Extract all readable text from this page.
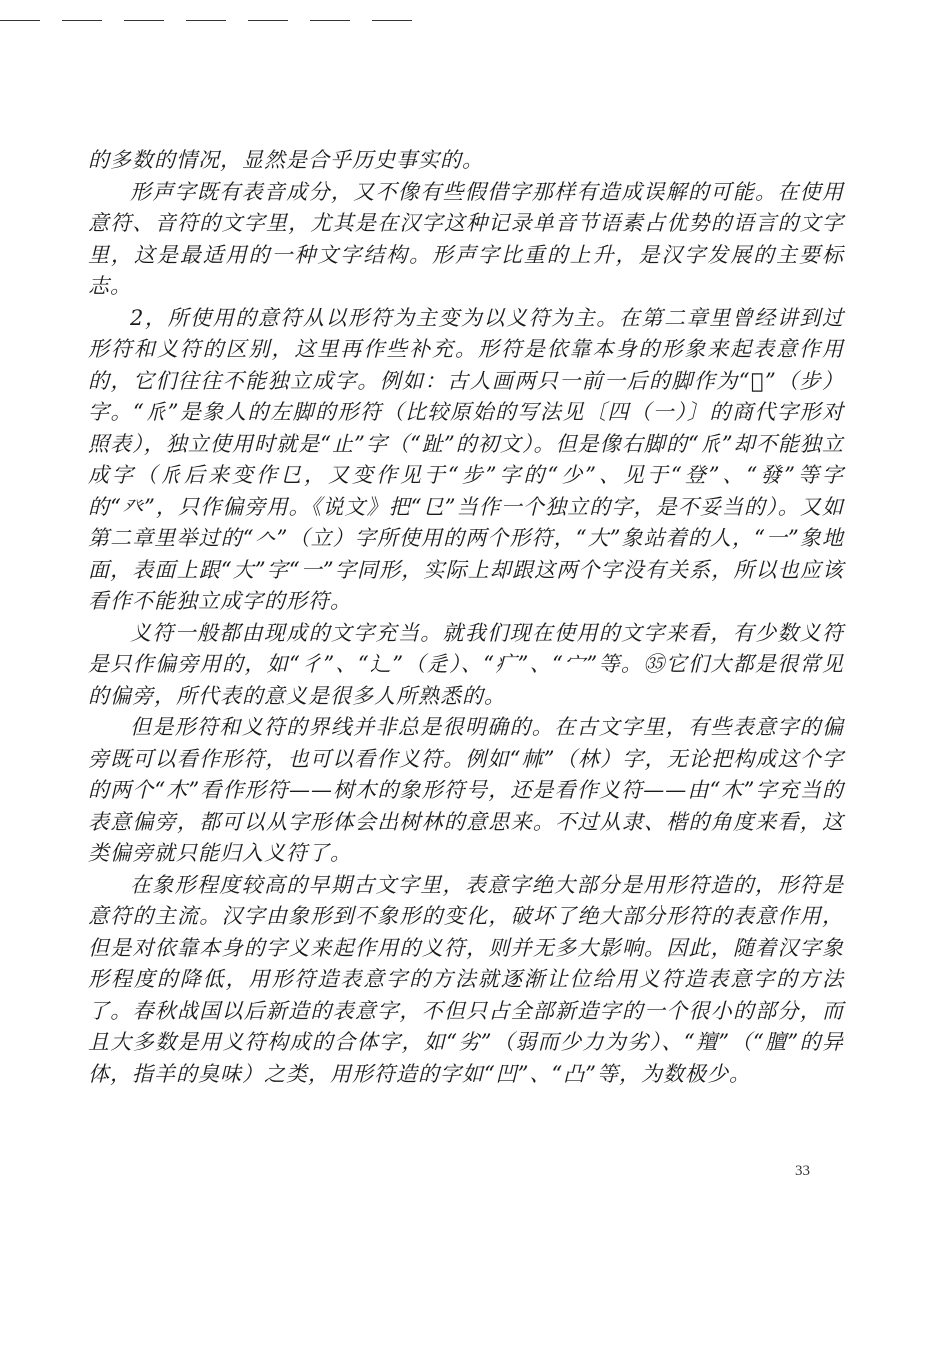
的多数的情况，显然是合乎历史事实的。

形声字既有表音成分，又不像有些假借字那样有造成误解的可能。在使用意符、音符的文字里，尤其是在汉字这种记录单音节语素占优势的语言的文字里，这是最适用的一种文字结构。形声字比重的上升，是汉字发展的主要标志。

2，所使用的意符从以形符为主变为以义符为主。在第二章里曾经讲到过形符和义符的区别，这里再作些补充。形符是依靠本身的形象来起表意作用的，它们往往不能独立成字。例如：古人画两只一前一后的脚作为“𣥠”（步）字。“𠂢”是象人的左脚的形符（比较原始的写法见〔四（一）〕的商代字形对照表），独立使用时就是“止”字（“趾”的初文）。但是像右脚的“𠂢”却不能独立成字（𠂢后来变作㔾，又变作见于“步”字的“少”、见于“登”、“發”等字的“癶”，只作偏旁用。《说文》把“㔾”当作一个独立的字，是不妥当的）。又如第二章里举过的“𠆢”（立）字所使用的两个形符，“大”象站着的人，“一”象地面，表面上跟“大”字“一”字同形，实际上却跟这两个字没有关系，所以也应该看作不能独立成字的形符。

义符一般都由现成的文字充当。就我们现在使用的文字来看，有少数义符是只作偏旁用的，如“彳”、“辶”（辵）、“疒”、“宀”等。㉟它们大都是很常见的偏旁，所代表的意义是很多人所熟悉的。

但是形符和义符的界线并非总是很明确的。在古文字里，有些表意字的偏旁既可以看作形符，也可以看作义符。例如“𣏟”（林）字，无论把构成这个字的两个“木”看作形符——树木的象形符号，还是看作义符——由“木”字充当的表意偏旁，都可以从字形体会出树林的意思来。不过从隶、楷的角度来看，这类偏旁就只能归入义符了。

在象形程度较高的早期古文字里，表意字绝大部分是用形符造的，形符是意符的主流。汉字由象形到不象形的变化，破坏了绝大部分形符的表意作用，但是对依靠本身的字义来起作用的义符，则并无多大影响。因此，随着汉字象形程度的降低，用形符造表意字的方法就逐渐让位给用义符造表意字的方法了。春秋战国以后新造的表意字，不但只占全部新造字的一个很小的部分，而且大多数是用义符构成的合体字，如“劣”（弱而少力为劣）、“羶”（“膻”的异体，指羊的臭味）之类，用形符造的字如“凹”、“凸”等，为数极少。

33
